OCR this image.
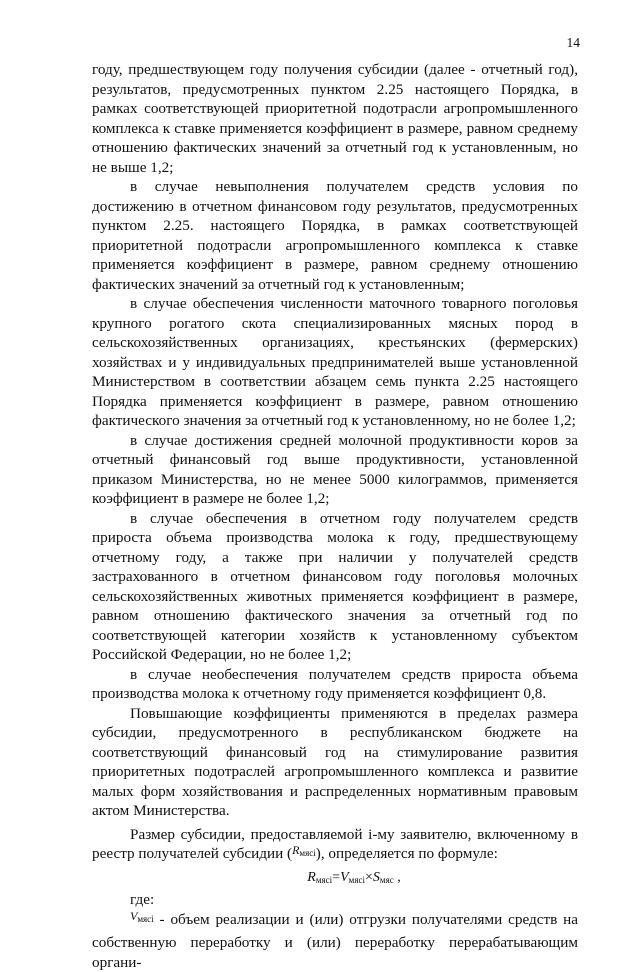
14

году, предшествующем году получения субсидии (далее - отчетный год), результатов, предусмотренных пунктом 2.25 настоящего Порядка, в рамках соответствующей приоритетной подотрасли агропромышленного комплекса к ставке применяется коэффициент в размере, равном среднему отношению фактических значений за отчетный год к установленным, но не выше 1,2;

в случае невыполнения получателем средств условия по достижению в отчетном финансовом году результатов, предусмотренных пунктом 2.25. настоящего Порядка, в рамках соответствующей приоритетной подотрасли агропромышленного комплекса к ставке применяется коэффициент в размере, равном среднему отношению фактических значений за отчетный год к установленным;

в случае обеспечения численности маточного товарного поголовья крупного рогатого скота специализированных мясных пород в сельскохозяйственных организациях, крестьянских (фермерских) хозяйствах и у индивидуальных предпринимателей выше установленной Министерством в соответствии абзацем семь пункта 2.25 настоящего Порядка применяется коэффициент в размере, равном отношению фактического значения за отчетный год к установленному, но не более 1,2;

в случае достижения средней молочной продуктивности коров за отчетный финансовый год выше продуктивности, установленной приказом Министерства, но не менее 5000 килограммов, применяется коэффициент в размере не более 1,2;

в случае обеспечения в отчетном году получателем средств прироста объема производства молока к году, предшествующему отчетному году, а также при наличии у получателей средств застрахованного в отчетном финансовом году поголовья молочных сельскохозяйственных животных применяется коэффициент в размере, равном отношению фактического значения за отчетный год по соответствующей категории хозяйств к установленному субъектом Российской Федерации, но не более 1,2;

в случае необеспечения получателем средств прироста объема производства молока к отчетному году применяется коэффициент 0,8.

Повышающие коэффициенты применяются в пределах размера субсидии, предусмотренного в республиканском бюджете на соответствующий финансовый год на стимулирование развития приоритетных подотраслей агропромышленного комплекса и развитие малых форм хозяйствования и распределенных нормативным правовым актом Министерства.

Размер субсидии, предоставляемой i-му заявителю, включенному в реестр получателей субсидии ($^{R_{мясi}}$), определяется по формуле:

$R_{мясi}=V_{мясi}\times S_{мяс}$ ,

где:

$^{V_{мясi}}$ - объем реализации и (или) отгрузки получателями средств на собственную переработку и (или) переработку перерабатывающим органи-
